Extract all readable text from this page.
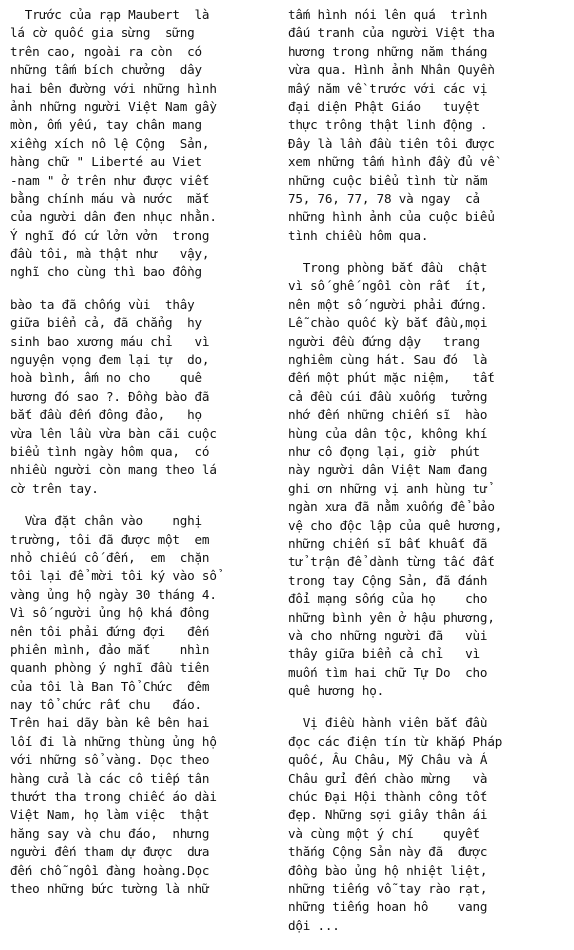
Trước của rạp Maubert  là
lá cờ quốc gia sừng  sững
trên cao, ngoài ra còn  có
những tấm bích chưởng  dây
hai bên đường với những hình
ảnh những người Việt Nam gầy
mòn, ốm yếu, tay chân mang
xiềng xích nô lệ Cộng  Sản,
hàng chữ " Liberté au Viet
-nam " ở trên như được viết
bằng chính máu và nước  mắt
của người dân đen nhục nhằn.
Ý nghĩ đó cứ lởn vởn  trong
đầu tôi, mà thật như   vậy,
nghĩ cho cùng thì bao đồng
bào ta đã chống vùi  thây
giữa biển cả, đã chẳng  hy
sinh bao xương máu chỉ   vì
nguyện vọng đem lại tự  do,
hoà bình, ấm no cho    quê
hương đó sao ?. Đồng bào đã
bắt đầu đến đông đảo,   họ
vừa lên lầu vừa bàn cãi cuộc
biểu tình ngày hôm qua,  có
nhiều người còn mang theo lá
cờ trên tay.
Vừa đặt chân vào    nghị
trường, tôi đã được một  em
nhỏ chiếu cố đến,  em  chặn
tôi lại để mời tôi ký vào sổ
vàng ủng hộ ngày 30 tháng 4.
Vì số người ủng hộ khá đông
nên tôi phải đứng đợi   đến
phiên mình, đảo mắt    nhìn
quanh phòng ý nghĩ đầu tiên
của tôi là Ban Tổ Chức  đêm
nay tổ chức rất chu   đáo.
Trên hai dãy bàn kê bên hai
lối đi là những thùng ủng hộ
với những sổ vàng. Dọc theo
hàng cửa là các cô tiếp tân
thướt tha trong chiếc áo dài
Việt Nam, họ làm việc  thật
hăng say và chu đáo,  nhưng
người đến tham dự được  dưa
đến chỗ ngồi đàng hoàng.Dọc
theo những bức tường là nhữ
tấm hình nói lên quá  trình
đấu tranh của người Việt tha
hương trong những năm tháng
vừa qua. Hình ảnh Nhân Quyền
mấy năm về trước với các vị
đại diện Phật Giáo   tuyệt
thực trông thật linh động .
Đây là lần đầu tiên tôi được
xem những tấm hình đầy đủ về
những cuộc biểu tình từ năm
75, 76, 77, 78 và ngay  cả
những hình ảnh của cuộc biểu
tình chiều hôm qua.
Trong phòng bắt đầu  chật
vì số ghế ngồi còn rất  ít,
nên một số người phải đứng.
Lễ chào quốc kỳ bắt đầu,mọi
người đều đứng dậy   trang
nghiêm cùng hát. Sau đó  là
đến một phút mặc niệm,   tất
cả đều cúi đầu xuống  tưởng
nhớ đến những chiến sĩ  hào
hùng của dân tộc, không khí
như cô đọng lại, giờ  phút
này người dân Việt Nam đang
ghi ơn những vị anh hùng tử
ngàn xưa đã nằm xuống để bảo
vệ cho độc lập của quê hương,
những chiến sĩ bất khuất đã
tử trận để dành từng tấc đất
trong tay Cộng Sản, đã đánh
đổi mạng sống của họ    cho
những bình yên ở hậu phương,
và cho những người đã   vùi
thây giữa biển cả chỉ   vì
muốn tìm hai chữ Tự Do  cho
quê hương họ.
Vị điều hành viên bắt đầu
đọc các điện tín từ khắp Pháp
quốc, Âu Châu, Mỹ Châu và Á
Châu gửi đến chào mừng   và
chúc Đại Hội thành công tốt
đẹp. Những sợi giây thân ái
và cùng một ý chí    quyết
thắng Cộng Sản này đã  được
đồng bào ủng hộ nhiệt liệt,
những tiếng vỗ tay rào rạt,
những tiếng hoan hô    vang
dội ...
